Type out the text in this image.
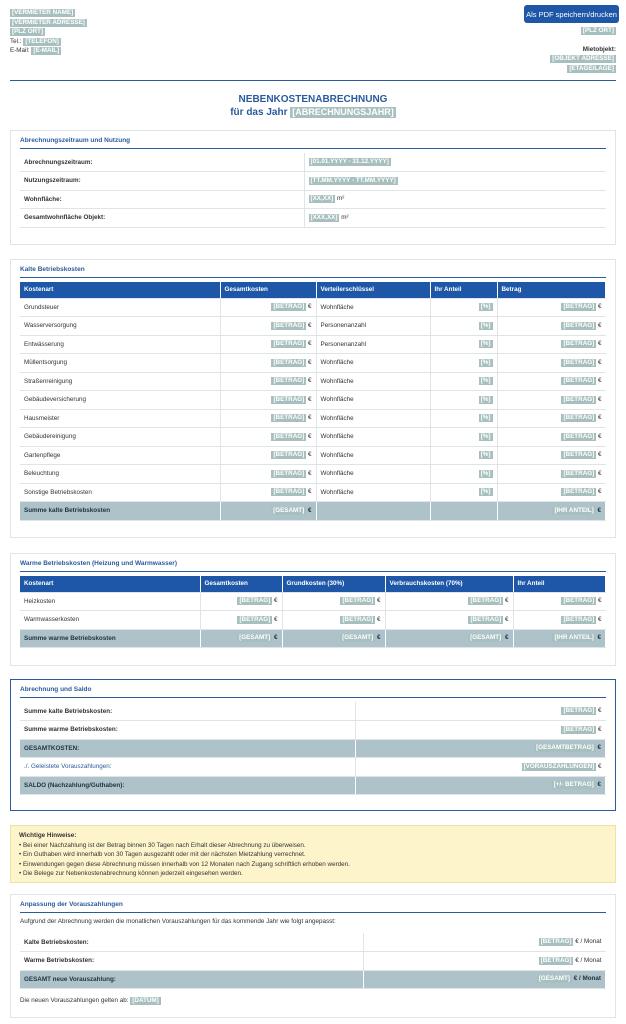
[VERMIETER NAME]
[VERMIETER ADRESSE]
[PLZ ORT]
Tel.: [TELEFON]
E-Mail: [E-MAIL]
[PLZ ORT]
Mietobjekt:
[OBJEKT ADRESSE]
[ETAGE/LAGE]
Als PDF speichern/drucken
NEBENKOSTENABRECHNUNG
für das Jahr [ABRECHNUNGSJAHR]
Abrechnungszeitraum und Nutzung
Abrechnungszeitraum:	[01.01.YYYY - 31.12.YYYY]
Nutzungszeitraum:	[TT.MM.YYYY - TT.MM.YYYY]
Wohnfläche:	[XX,XX] m²
Gesamtwohnfläche Objekt:	[XXX,XX] m²
Kalte Betriebskosten
Kostenart	Gesamtkosten	Verteilerschlüssel	Ihr Anteil	Betrag
Grundsteuer	[BETRAG] €	Wohnfläche	[%]	[BETRAG] €
Wasserversorgung	[BETRAG] €	Personenanzahl	[%]	[BETRAG] €
Entwässerung	[BETRAG] €	Personenanzahl	[%]	[BETRAG] €
Müllentsorgung	[BETRAG] €	Wohnfläche	[%]	[BETRAG] €
Straßenreinigung	[BETRAG] €	Wohnfläche	[%]	[BETRAG] €
Gebäudeversicherung	[BETRAG] €	Wohnfläche	[%]	[BETRAG] €
Hausmeister	[BETRAG] €	Wohnfläche	[%]	[BETRAG] €
Gebäudereinigung	[BETRAG] €	Wohnfläche	[%]	[BETRAG] €
Gartenpflege	[BETRAG] €	Wohnfläche	[%]	[BETRAG] €
Beleuchtung	[BETRAG] €	Wohnfläche	[%]	[BETRAG] €
Sonstige Betriebskosten	[BETRAG] €	Wohnfläche	[%]	[BETRAG] €
Summe kalte Betriebskosten	[GESAMT] €			[IHR ANTEIL] €
Warme Betriebskosten (Heizung und Warmwasser)
Kostenart	Gesamtkosten	Grundkosten (30%)	Verbrauchskosten (70%)	Ihr Anteil
Heizkosten	[BETRAG] €	[BETRAG] €	[BETRAG] €	[BETRAG] €
Warmwasserkosten	[BETRAG] €	[BETRAG] €	[BETRAG] €	[BETRAG] €
Summe warme Betriebskosten	[GESAMT] €	[GESAMT] €	[GESAMT] €	[IHR ANTEIL] €
Abrechnung und Saldo
Summe kalte Betriebskosten:	[BETRAG] €
Summe warme Betriebskosten:	[BETRAG] €
GESAMTKOSTEN:	[GESAMTBETRAG] €
./. Geleistete Vorauszahlungen:	[VORAUSZAHLUNGEN] €
SALDO (Nachzahlung/Guthaben):	[+/- BETRAG] €
Wichtige Hinweise:
• Bei einer Nachzahlung ist der Betrag binnen 30 Tagen nach Erhalt dieser Abrechnung zu überweisen.
• Ein Guthaben wird innerhalb von 30 Tagen ausgezahlt oder mit der nächsten Mietzahlung verrechnet.
• Einwendungen gegen diese Abrechnung müssen innerhalb von 12 Monaten nach Zugang schriftlich erhoben werden.
• Die Belege zur Nebenkostenabrechnung können jederzeit eingesehen werden.
Anpassung der Vorauszahlungen
Aufgrund der Abrechnung werden die monatlichen Vorauszahlungen für das kommende Jahr wie folgt angepasst:
Kalte Betriebskosten:	[BETRAG] € / Monat
Warme Betriebskosten:	[BETRAG] € / Monat
GESAMT neue Vorauszahlung:	[GESAMT] € / Monat
Die neuen Vorauszahlungen gelten ab: [DATUM]
